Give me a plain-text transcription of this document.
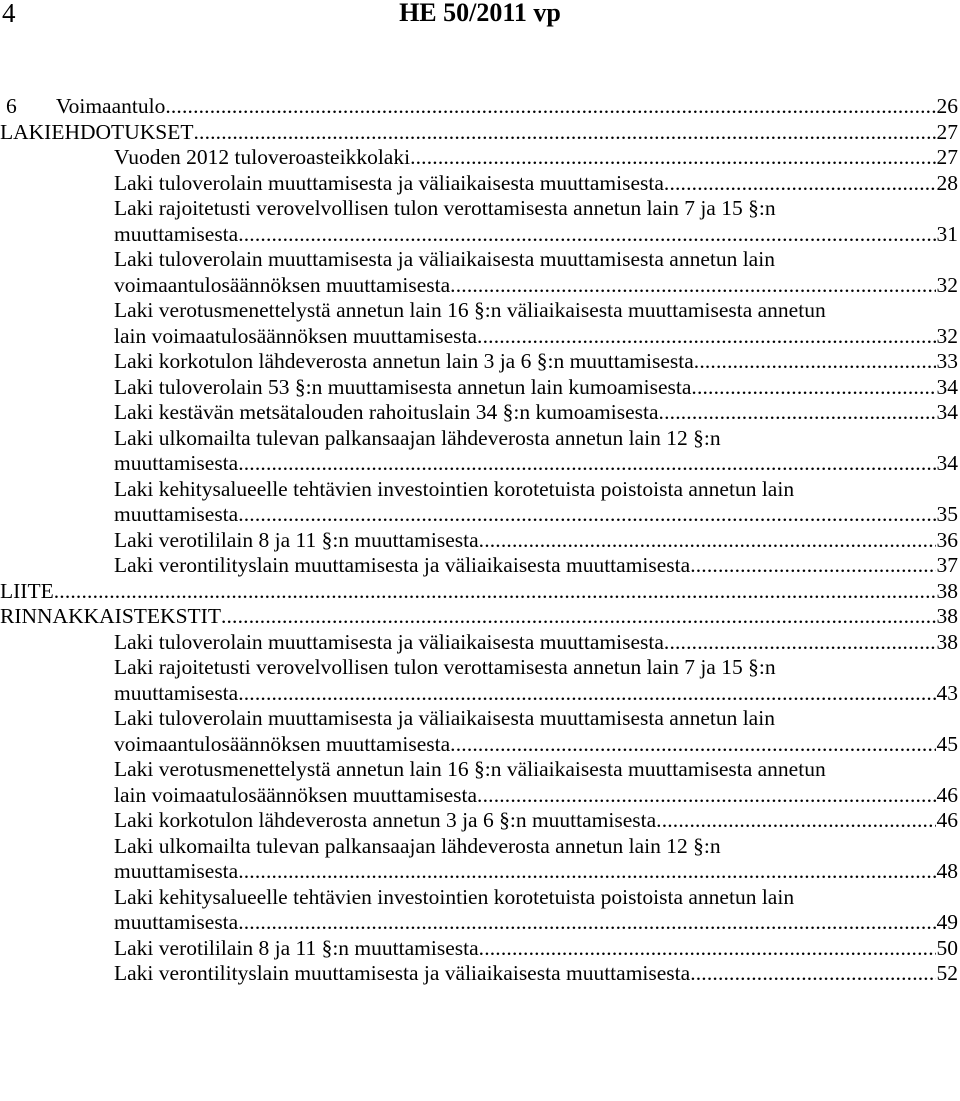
4	HE 50/2011 vp
6	Voimaantulo . . .	26
LAKIEHDOTUKSET . . .	27
Vuoden 2012 tuloveroasteikkolaki . . .	27
Laki tuloverolain muuttamisesta ja väliaikaisesta muuttamisesta . . .	28
Laki rajoitetusti verovelvollisen tulon verottamisesta annetun lain 7 ja 15 §:n
muuttamisesta . . .	31
Laki tuloverolain muuttamisesta ja väliaikaisesta muuttamisesta annetun lain
voimaantulosäännöksen muuttamisesta . . .	32
Laki verotusmenettelystä annetun lain 16 §:n väliaikaisesta muuttamisesta annetun
lain voimaatulosäännöksen muuttamisesta . . .	32
Laki korkotulon lähdeverosta annetun lain 3 ja 6 §:n muuttamisesta . . .	33
Laki tuloverolain 53 §:n muuttamisesta annetun lain kumoamisesta . . .	34
Laki kestävän metsätalouden rahoituslain 34 §:n kumoamisesta . . .	34
Laki ulkomailta tulevan palkansaajan lähdeverosta annetun lain 12 §:n
muuttamisesta . . .	34
Laki kehitysalueelle tehtävien investointien korotetuista poistoista annetun lain
muuttamisesta . . .	35
Laki verotililain 8 ja 11 §:n muuttamisesta . . .	36
Laki verontilityslain muuttamisesta ja väliaikaisesta muuttamisesta . . .	37
LIITE . . .	38
RINNAKKAISTEKSTIT . . .	38
Laki tuloverolain muuttamisesta ja väliaikaisesta muuttamisesta . . .	38
Laki rajoitetusti verovelvollisen tulon verottamisesta annetun lain 7 ja 15 §:n
muuttamisesta . . .	43
Laki tuloverolain muuttamisesta ja väliaikaisesta muuttamisesta annetun lain
voimaantulosäännöksen muuttamisesta . . .	45
Laki verotusmenettelystä annetun lain 16 §:n väliaikaisesta muuttamisesta annetun
lain voimaatulosäännöksen muuttamisesta . . .	46
Laki korkotulon lähdeverosta annetun 3 ja 6 §:n muuttamisesta . . .	46
Laki ulkomailta tulevan palkansaajan lähdeverosta annetun lain 12 §:n
muuttamisesta . . .	48
Laki kehitysalueelle tehtävien investointien korotetuista poistoista annetun lain
muuttamisesta . . .	49
Laki verotililain 8 ja 11 §:n muuttamisesta . . .	50
Laki verontilityslain muuttamisesta ja väliaikaisesta muuttamisesta . . .	52
